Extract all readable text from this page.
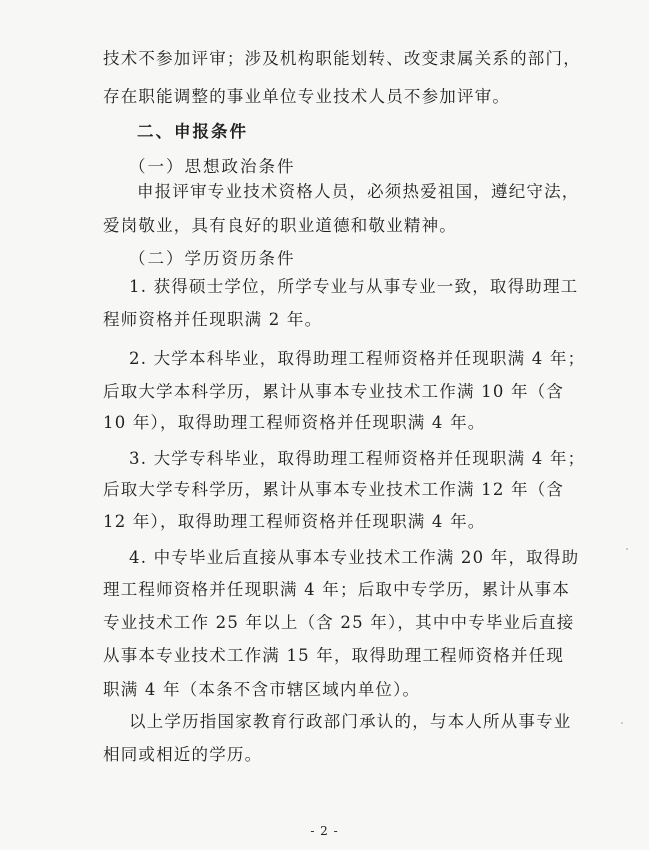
技术不参加评审；涉及机构职能划转、改变隶属关系的部门，
存在职能调整的事业单位专业技术人员不参加评审。
二、申报条件
（一）思想政治条件
申报评审专业技术资格人员，必须热爱祖国，遵纪守法，
爱岗敬业，具有良好的职业道德和敬业精神。
（二）学历资历条件
1. 获得硕士学位，所学专业与从事专业一致，取得助理工
程师资格并任现职满 2 年。
2. 大学本科毕业，取得助理工程师资格并任现职满 4 年；
后取大学本科学历，累计从事本专业技术工作满 10 年（含
10 年），取得助理工程师资格并任现职满 4 年。
3. 大学专科毕业，取得助理工程师资格并任现职满 4 年；
后取大学专科学历，累计从事本专业技术工作满 12 年（含
12 年），取得助理工程师资格并任现职满 4 年。
4. 中专毕业后直接从事本专业技术工作满 20 年，取得助
理工程师资格并任现职满 4 年；后取中专学历，累计从事本
专业技术工作 25 年以上（含 25 年），其中中专毕业后直接
从事本专业技术工作满 15 年，取得助理工程师资格并任现
职满 4 年（本条不含市辖区域内单位）。
以上学历指国家教育行政部门承认的，与本人所从事专业
相同或相近的学历。
- 2 -
